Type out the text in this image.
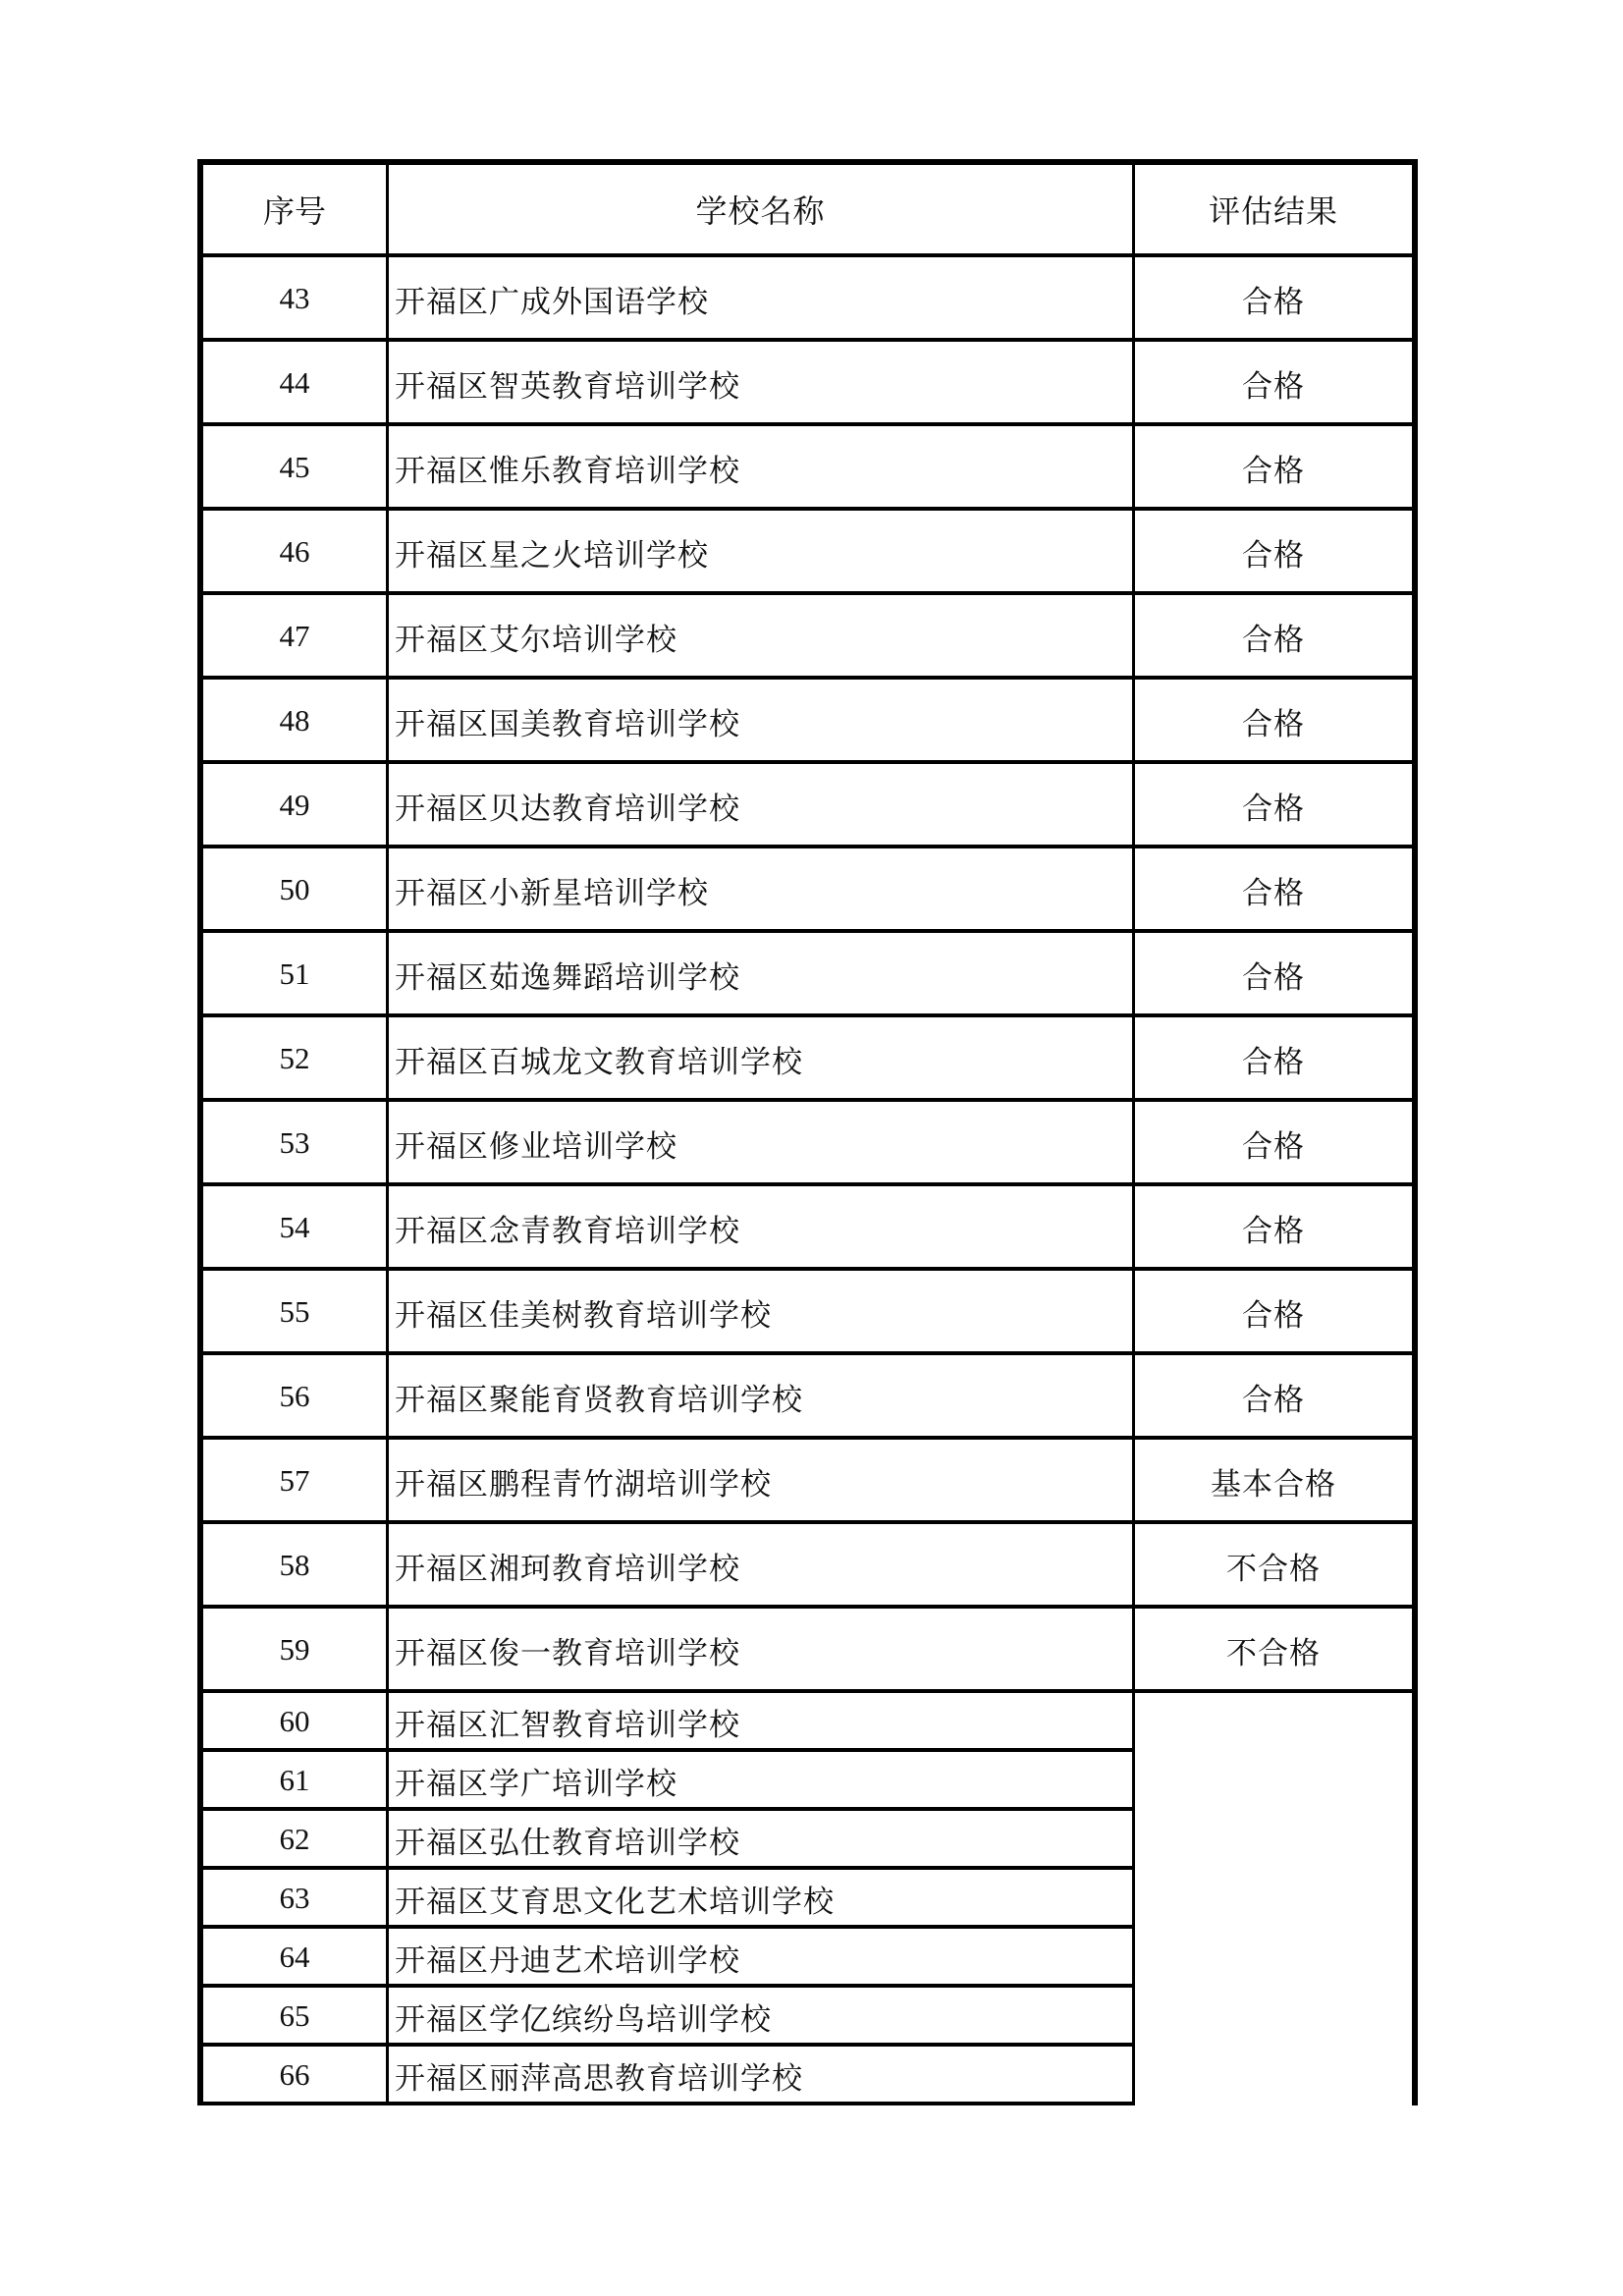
序号	学校名称	评估结果
43	开福区广成外国语学校	合格
44	开福区智英教育培训学校	合格
45	开福区惟乐教育培训学校	合格
46	开福区星之火培训学校	合格
47	开福区艾尔培训学校	合格
48	开福区国美教育培训学校	合格
49	开福区贝达教育培训学校	合格
50	开福区小新星培训学校	合格
51	开福区茹逸舞蹈培训学校	合格
52	开福区百城龙文教育培训学校	合格
53	开福区修业培训学校	合格
54	开福区念青教育培训学校	合格
55	开福区佳美树教育培训学校	合格
56	开福区聚能育贤教育培训学校	合格
57	开福区鹏程青竹湖培训学校	基本合格
58	开福区湘珂教育培训学校	不合格
59	开福区俊一教育培训学校	不合格
60	开福区汇智教育培训学校
61	开福区学广培训学校
62	开福区弘仕教育培训学校
63	开福区艾育思文化艺术培训学校
64	开福区丹迪艺术培训学校
65	开福区学亿缤纷鸟培训学校
66	开福区丽萍高思教育培训学校
